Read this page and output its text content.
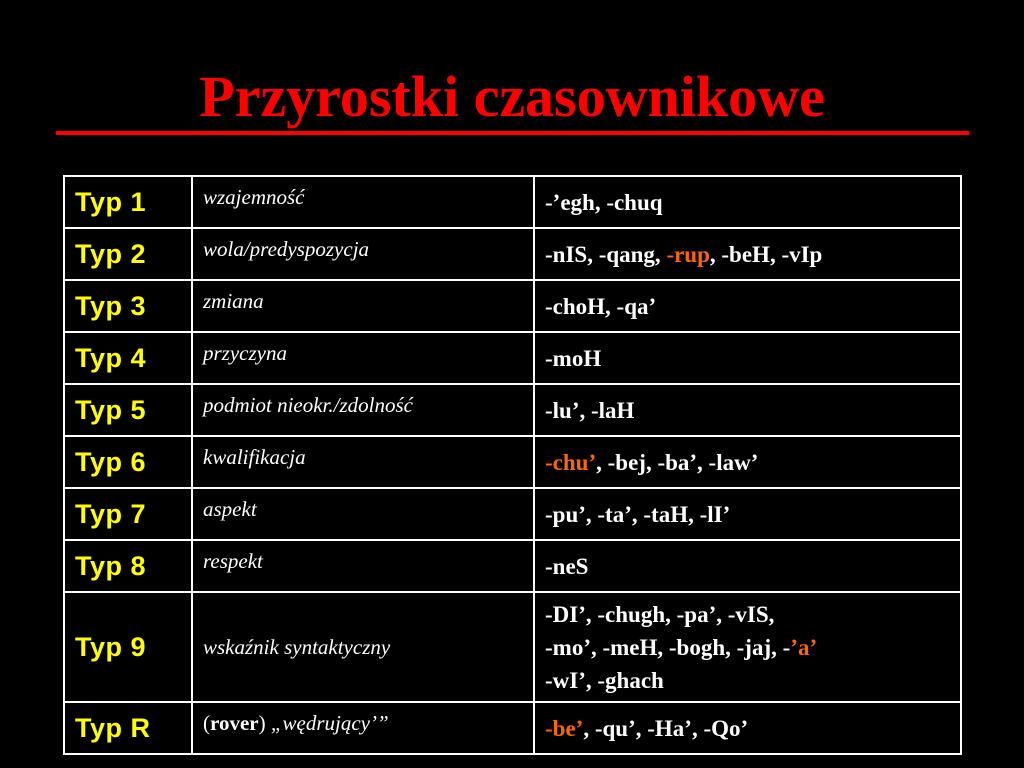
Przyrostki czasownikowe
Typ 1	wzajemność	-’egh, -chuq
Typ 2	wola/predyspozycja	-nIS, -qang, -rup, -beH, -vIp
Typ 3	zmiana	-choH, -qa’
Typ 4	przyczyna	-moH
Typ 5	podmiot nieokr./zdolność	-lu’, -laH
Typ 6	kwalifikacja	-chu’, -bej, -ba’, -law’
Typ 7	aspekt	-pu’, -ta’, -taH, -lI’
Typ 8	respekt	-neS
Typ 9	wskaźnik syntaktyczny	-DI’, -chugh, -pa’, -vIS,
-mo’, -meH, -bogh, -jaj, -’a’
-wI’, -ghach

Typ R	(rover) „wędrujący’”	-be’, -qu’, -Ha’, -Qo’
